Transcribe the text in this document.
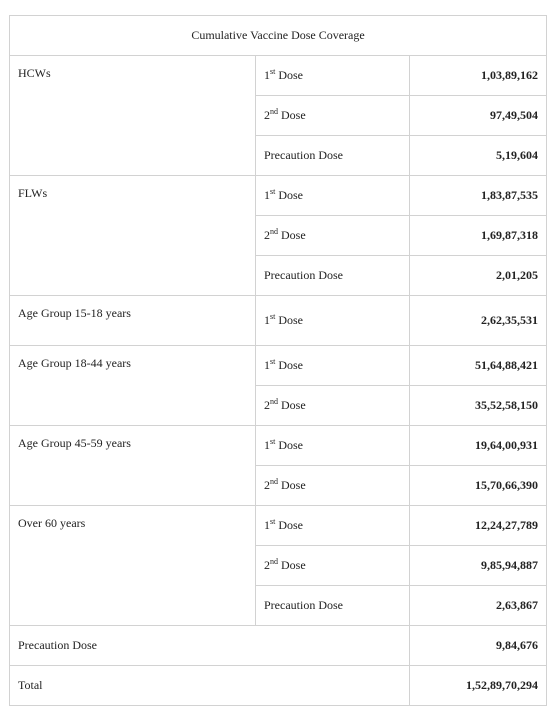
Cumulative Vaccine Dose Coverage		
HCWs	1st Dose	1,03,89,162
	2nd Dose	97,49,504
	Precaution Dose	5,19,604
FLWs	1st Dose	1,83,87,535
	2nd Dose	1,69,87,318
	Precaution Dose	2,01,205
Age Group 15-18 years	1st Dose	2,62,35,531
Age Group 18-44 years	1st Dose	51,64,88,421
	2nd Dose	35,52,58,150
Age Group 45-59 years	1st Dose	19,64,00,931
	2nd Dose	15,70,66,390
Over 60 years	1st Dose	12,24,27,789
	2nd Dose	9,85,94,887
	Precaution Dose	2,63,867
Precaution Dose		9,84,676
Total		1,52,89,70,294
